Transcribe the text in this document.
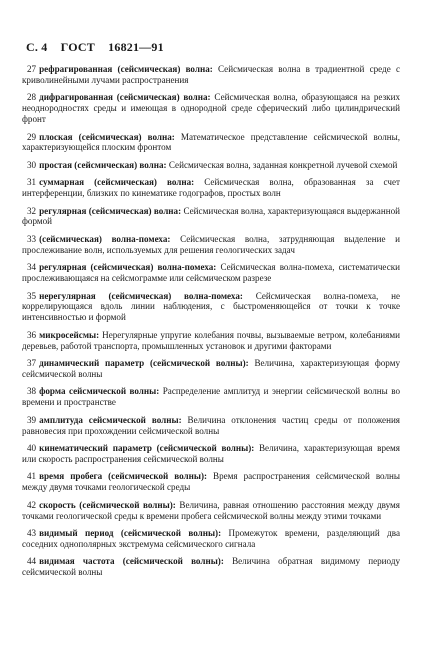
С. 4 ГОСТ 16821—91

27 рефрагированная (сейсмическая) волна: Сейсмическая волна в традиентной среде с криволинейными лучами распространения

28 дифрагированная (сейсмическая) волна: Сейсмическая волна, образующаяся на резких неоднородностях среды и имеющая в однородной среде сферический либо цилиндрический фронт

29 плоская (сейсмическая) волна: Математическое представление сейсмической волны, характеризующейся плоским фронтом

30 простая (сейсмическая) волна: Сейсмическая волна, заданная конкретной лучевой схемой

31 суммарная (сейсмическая) волна: Сейсмическая волна, образованная за счет интерференции, близких по кинематике годографов, простых волн

32 регулярная (сейсмическая) волна: Сейсмическая волна, характеризующаяся выдержанной формой

33 (сейсмическая) волна-помеха: Сейсмическая волна, затрудняющая выделение и прослеживание волн, используемых для решения геологических задач

34 регулярная (сейсмическая) волна-помеха: Сейсмическая волна-помеха, систематически прослеживающаяся на сейсмограмме или сейсмическом разрезе

35 нерегулярная (сейсмическая) волна-помеха: Сейсмическая волна-помеха, не коррелирующаяся вдоль линии наблюдения, с быстроменяющейся от точки к точке интенсивностью и формой

36 микросейсмы: Нерегулярные упругие колебания почвы, вызываемые ветром, колебаниями деревьев, работой транспорта, промышленных установок и другими факторами

37 динамический параметр (сейсмической волны): Величина, характеризующая форму сейсмической волны

38 форма сейсмической волны: Распределение амплитуд и энергии сейсмической волны во времени и пространстве

39 амплитуда сейсмической волны: Величина отклонения частиц среды от положения равновесия при прохождении сейсмической волны

40 кинематический параметр (сейсмической волны): Величина, характеризующая время или скорость распространения сейсмической волны

41 время пробега (сейсмической волны): Время распространения сейсмической волны между двумя точками геологической среды

42 скорость (сейсмической волны): Величина, равная отношению расстояния между двумя точками геологической среды к времени пробега сейсмической волны между этими точками

43 видимый период (сейсмической волны): Промежуток времени, разделяющий два соседних однополярных экстремума сейсмического сигнала

44 видимая частота (сейсмической волны): Величина обратная видимому периоду сейсмической волны
